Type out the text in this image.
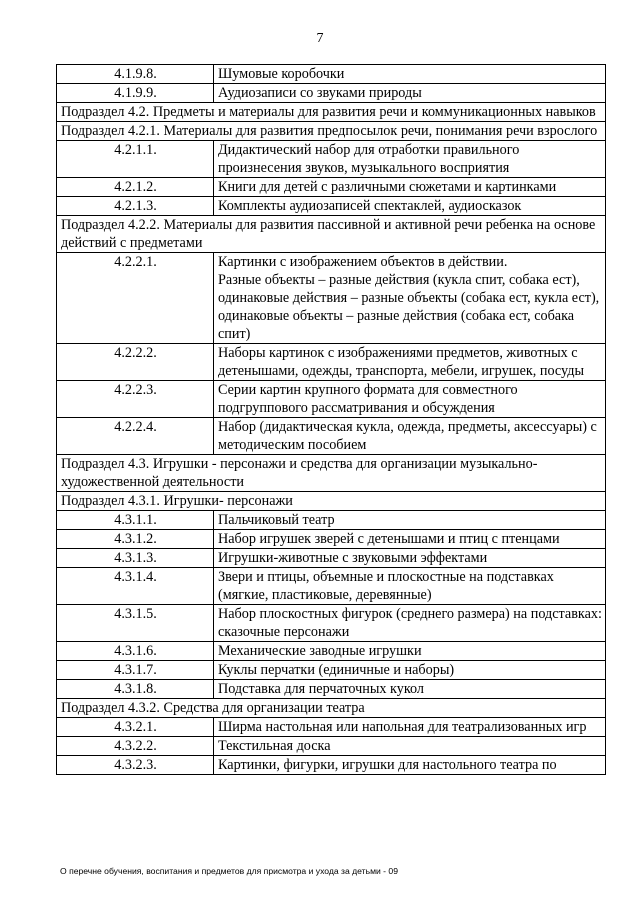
7
4.1.9.8.	Шумовые коробочки
4.1.9.9.	Аудиозаписи со звуками природы
Подраздел 4.2. Предметы и материалы для развития речи и коммуникационных навыков	
Подраздел 4.2.1. Материалы для развития предпосылок речи, понимания речи взрослого	
4.2.1.1.	Дидактический набор для отработки правильного произнесения звуков, музыкального восприятия
4.2.1.2.	Книги для детей с различными сюжетами и картинками
4.2.1.3.	Комплекты аудиозаписей спектаклей, аудиосказок
Подраздел 4.2.2. Материалы для развития пассивной и активной речи ребенка на основе действий с предметами	
4.2.2.1.	Картинки с изображением объектов в действии.
Разные объекты – разные действия (кукла спит, собака ест), одинаковые действия – разные объекты (собака ест, кукла ест), одинаковые объекты – разные действия (собака ест, собака спит)
4.2.2.2.	Наборы картинок с изображениями предметов, животных с детенышами, одежды, транспорта, мебели, игрушек, посуды
4.2.2.3.	Серии картин крупного формата для совместного подгруппового рассматривания и обсуждения
4.2.2.4.	Набор (дидактическая кукла, одежда, предметы, аксессуары) с методическим пособием
Подраздел 4.3. Игрушки - персонажи и средства для организации музыкально-художественной деятельности	
Подраздел 4.3.1. Игрушки- персонажи	
4.3.1.1.	Пальчиковый театр
4.3.1.2.	Набор игрушек зверей с детенышами и птиц с птенцами
4.3.1.3.	Игрушки-животные с звуковыми эффектами
4.3.1.4.	Звери и птицы, объемные и плоскостные на подставках (мягкие, пластиковые, деревянные)
4.3.1.5.	Набор плоскостных фигурок (среднего размера) на подставках: сказочные персонажи
4.3.1.6.	Механические заводные игрушки
4.3.1.7.	Куклы перчатки (единичные и наборы)
4.3.1.8.	Подставка для перчаточных кукол
Подраздел 4.3.2. Средства для организации театра	
4.3.2.1.	Ширма настольная или напольная для театрализованных игр
4.3.2.2.	Текстильная доска
4.3.2.3.	Картинки, фигурки, игрушки для настольного театра по
О перечне обучения, воспитания и предметов для присмотра и ухода за детьми - 09
